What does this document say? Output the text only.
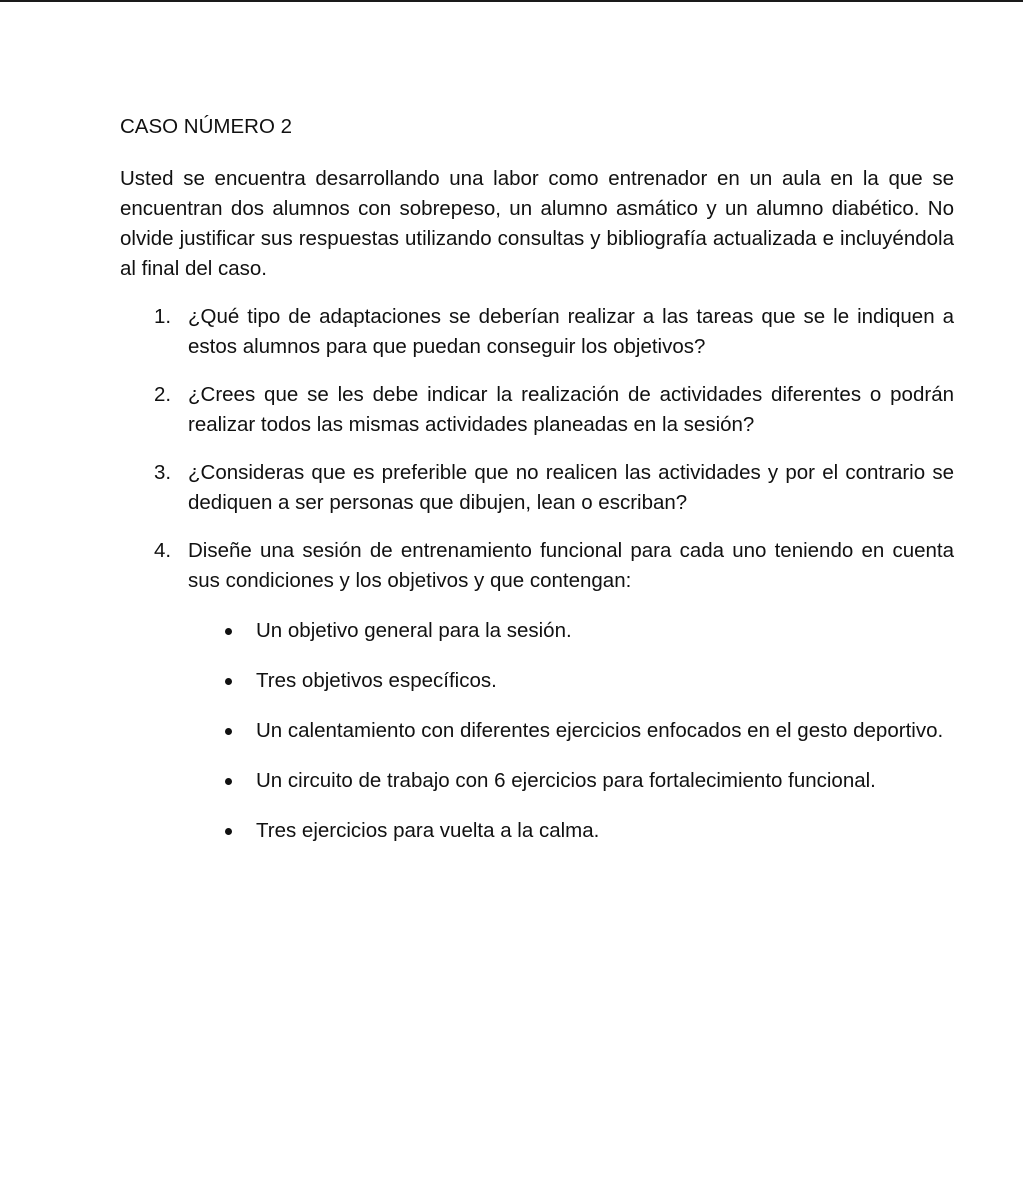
CASO NÚMERO 2

Usted se encuentra desarrollando una labor como entrenador en un aula en la que se encuentran dos alumnos con sobrepeso, un alumno asmático y un alumno diabético. No olvide justificar sus respuestas utilizando consultas y bibliografía actualizada e incluyéndola al final del caso.

1. ¿Qué tipo de adaptaciones se deberían realizar a las tareas que se le indiquen a estos alumnos para que puedan conseguir los objetivos?
2. ¿Crees que se les debe indicar la realización de actividades diferentes o podrán realizar todos las mismas actividades planeadas en la sesión?
3. ¿Consideras que es preferible que no realicen las actividades y por el contrario se dediquen a ser personas que dibujen, lean o escriban?
4. Diseñe una sesión de entrenamiento funcional para cada uno teniendo en cuenta sus condiciones y los objetivos y que contengan:
Un objetivo general para la sesión.
Tres objetivos específicos.
Un calentamiento con diferentes ejercicios enfocados en el gesto deportivo.
Un circuito de trabajo con 6 ejercicios para fortalecimiento funcional.
Tres ejercicios para vuelta a la calma.
